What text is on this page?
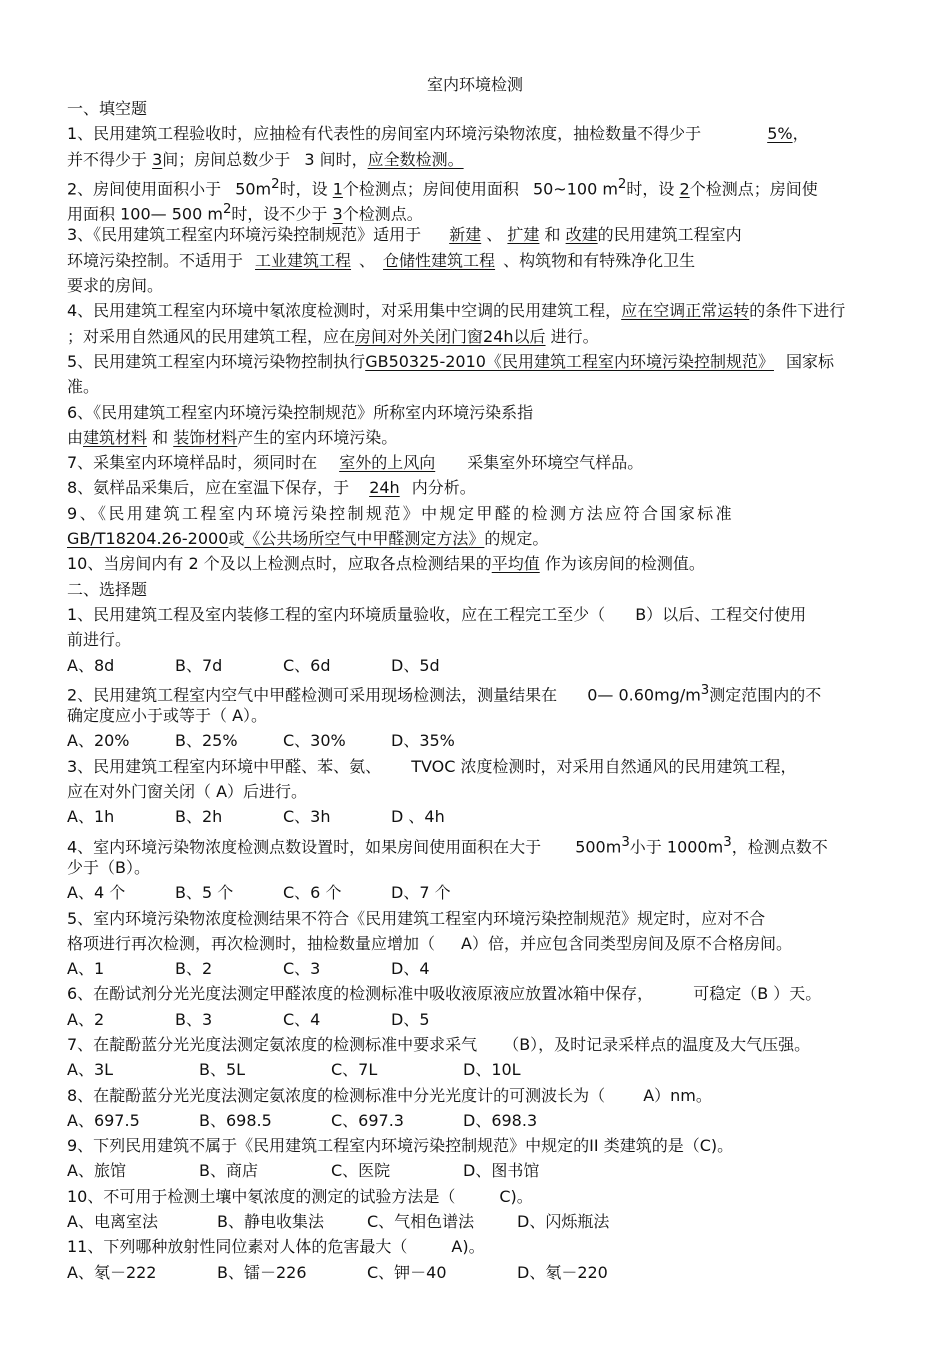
室内环境检测
一、填空题
1、民用建筑工程验收时，应抽检有代表性的房间室内环境污染物浓度，抽检数量不得少于	5%，
并不得少于 3间；房间总数少于 3 间时，应全数检测。
2、房间使用面积小于 $50m^2$时，设 1个检测点；房间使用面积 50~100 $m^2$时，设 2个检测点；房间使
用面积 100— 500 $m^2$时，设不少于 3个检测点。
3、《民用建筑工程室内环境污染控制规范》适用于 新建 、 扩建 和 改建的民用建筑工程室内
环境污染控制。不适用于 工业建筑工程 、 仓储性建筑工程 、构筑物和有特殊净化卫生
要求的房间。
4、民用建筑工程室内环境中氡浓度检测时，对采用集中空调的民用建筑工程，应在空调正常运转的条件下进行
；对采用自然通风的民用建筑工程，应在房间对外关闭门窗24h以后 进行。
5、民用建筑工程室内环境污染物控制执行GB50325-2010《民用建筑工程室内环境污染控制规范》 国家标
准。
6、《民用建筑工程室内环境污染控制规范》所称室内环境污染系指
由建筑材料 和 装饰材料产生的室内环境污染。
7、采集室内环境样品时，须同时在 室外的上风向 采集室外环境空气样品。
8、氨样品采集后，应在室温下保存，于 24h 内分析。
9、《民用建筑工程室内环境污染控制规范》中规定甲醛的检测方法应符合国家标准
GB/T18204.26-2000或《公共场所空气中甲醛测定方法》的规定。
10、当房间内有 2 个及以上检测点时，应取各点检测结果的平均值 作为该房间的检测值。
二、选择题
1、民用建筑工程及室内装修工程的室内环境质量验收，应在工程完工至少（ B）以后、工程交付使用
前进行。
A、8d	B、7d	C、6d	D、5d
2、民用建筑工程室内空气中甲醛检测可采用现场检测法，测量结果在 0— $0.60mg/m^3$测定范围内的不
确定度应小于或等于（ A）。
A、20%	B、25%	C、30%	D、35%
3、民用建筑工程室内环境中甲醛、苯、氨、 TVOC 浓度检测时，对采用自然通风的民用建筑工程，
应在对外门窗关闭（ A）后进行。
A、1h	B、2h	C、3h	D 、4h
4、室内环境污染物浓度检测点数设置时，如果房间使用面积在大于 $500m^3$小于 $1000m^3$，检测点数不
少于（B）。
A、4 个	B、5 个	C、6 个	D、7 个
5、室内环境污染物浓度检测结果不符合《民用建筑工程室内环境污染控制规范》规定时，应对不合
格项进行再次检测，再次检测时，抽检数量应增加（ A）倍，并应包含同类型房间及原不合格房间。
A、1	B、2	C、3	D、4
6、在酚试剂分光光度法测定甲醛浓度的检测标准中吸收液原液应放置冰箱中保存，	可稳定（B ）天。
A、2	B、3	C、4	D、5
7、在靛酚蓝分光光度法测定氨浓度的检测标准中要求采气 （B），及时记录采样点的温度及大气压强。
A、3L	B、5L	C、7L	D、10L
8、在靛酚蓝分光光度法测定氨浓度的检测标准中分光光度计的可测波长为（ A）nm。
A、697.5	B、698.5	C、697.3	D、698.3
9、下列民用建筑不属于《民用建筑工程室内环境污染控制规范》中规定的II 类建筑的是（C)。
A、旅馆	B、商店	C、医院	D、图书馆
10、不可用于检测土壤中氡浓度的测定的试验方法是（	C)。
A、电离室法	B、静电收集法	C、气相色谱法	D、闪烁瓶法
11、下列哪种放射性同位素对人体的危害最大（	A)。
A、氡－222	B、镭－226	C、钾－40	D、氡－220
